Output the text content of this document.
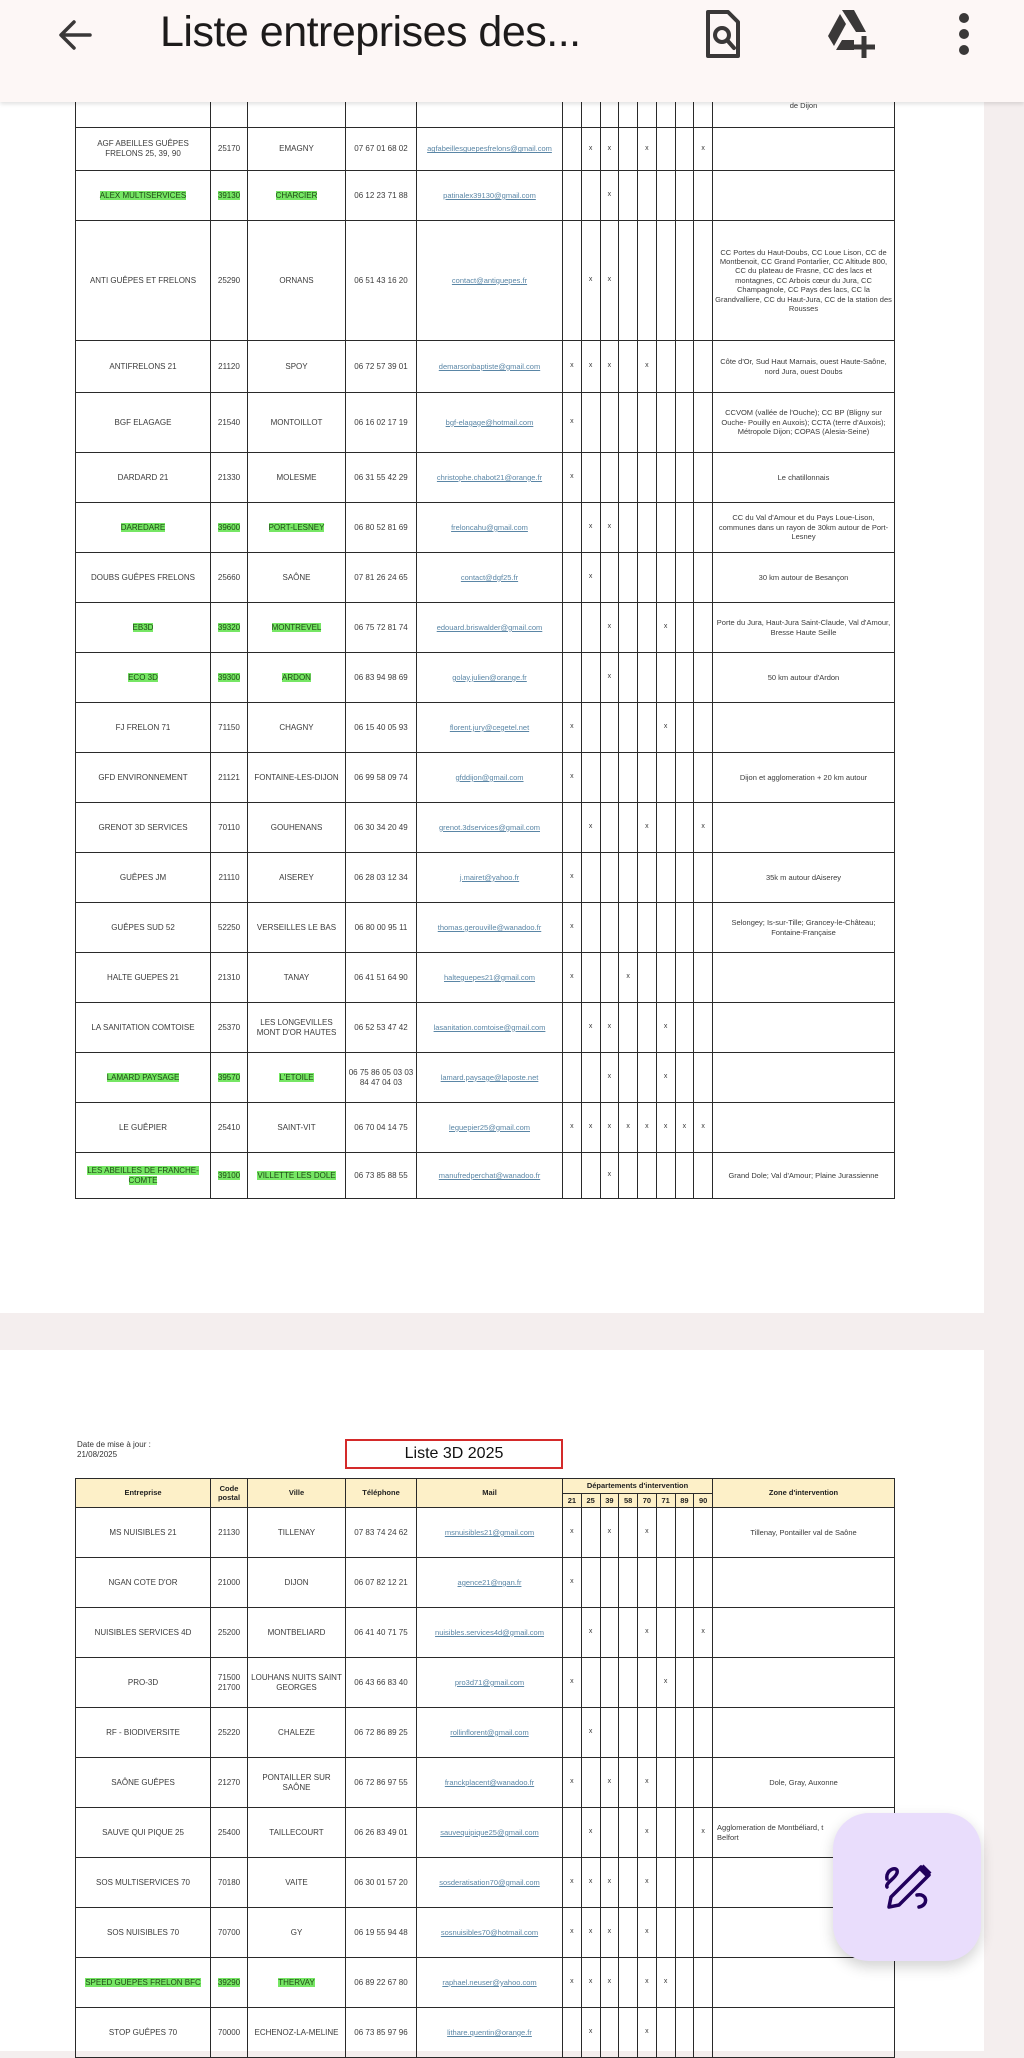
Liste entreprises des...
													de Dijon
AGF ABEILLES GUÊPES FRELONS 25, 39, 90	25170	EMAGNY	07 67 01 68 02	agfabeillesguepesfrelons@gmail.com		x	x		x			x	
ALEX MULTISERVICES	39130	CHARCIER	06 12 23 71 88	patinalex39130@gmail.com			x						
ANTI GUÊPES ET FRELONS	25290	ORNANS	06 51 43 16 20	contact@antiguepes.fr		x	x						CC Portes du Haut-Doubs, CC Loue Lison, CC de Montbenoit, CC Grand Pontarlier, CC Altitude 800, CC du plateau de Frasne, CC des lacs et montagnes, CC Arbois cœur du Jura, CC Champagnole, CC Pays des lacs, CC la Grandvalliere, CC du Haut-Jura, CC de la station des Rousses
ANTIFRELONS 21	21120	SPOY	06 72 57 39 01	demarsonbaptiste@gmail.com	x	x	x		x				Côte d'Or, Sud Haut Marnais, ouest Haute-Saône, nord Jura, ouest Doubs
BGF ELAGAGE	21540	MONTOILLOT	06 16 02 17 19	bgf-elagage@hotmail.com	x								CCVOM (vallée de l'Ouche); CC BP (Bligny sur Ouche- Pouilly en Auxois); CCTA (terre d'Auxois); Métropole Dijon; COPAS (Alesia-Seine)
DARDARD 21	21330	MOLESME	06 31 55 42 29	christophe.chabot21@orange.fr	x								Le chatillonnais
DAREDARE	39600	PORT-LESNEY	06 80 52 81 69	freloncahu@gmail.com		x	x						CC du Val d'Amour et du Pays Loue-Lison, communes dans un rayon de 30km autour de Port-Lesney
DOUBS GUÊPES FRELONS	25660	SAÔNE	07 81 26 24 65	contact@dgf25.fr		x							30 km autour de Besançon
EB3D	39320	MONTREVEL	06 75 72 81 74	edouard.briswalder@gmail.com			x			x			Porte du Jura, Haut-Jura Saint-Claude, Val d'Amour, Bresse Haute Seille
ECO 3D	39300	ARDON	06 83 94 98 69	golay.julien@orange.fr			x						50 km autour d'Ardon
FJ FRELON 71	71150	CHAGNY	06 15 40 05 93	florent.jury@cegetel.net	x					x			
GFD ENVIRONNEMENT	21121	FONTAINE-LES-DIJON	06 99 58 09 74	gfddijon@gmail.com	x								Dijon et agglomeration + 20 km autour
GRENOT 3D SERVICES	70110	GOUHENANS	06 30 34 20 49	grenot.3dservices@gmail.com		x			x			x	
GUÊPES JM	21110	AISEREY	06 28 03 12 34	j.mairet@yahoo.fr	x								35k m autour dAiserey
GUÊPES SUD 52	52250	VERSEILLES LE BAS	06 80 00 95 11	thomas.gerouville@wanadoo.fr	x								Selongey; Is-sur-Tille; Grancey-le-Château; Fontaine-Française
HALTE GUEPES 21	21310	TANAY	06 41 51 64 90	halteguepes21@gmail.com	x			x					
LA SANITATION COMTOISE	25370	LES LONGEVILLES MONT D'OR HAUTES	06 52 53 47 42	lasanitation.comtoise@gmail.com		x	x			x			
LAMARD PAYSAGE	39570	L'ETOILE	06 75 86 05 03 03 84 47 04 03	lamard.paysage@laposte.net			x			x			
LE GUÊPIER	25410	SAINT-VIT	06 70 04 14 75	leguepier25@gmail.com	x	x	x	x	x	x	x	x	
LES ABEILLES DE FRANCHE-COMTE	39100	VILLETTE LES DOLE	06 73 85 88 55	manufredperchat@wanadoo.fr			x						Grand Dole; Val d'Amour; Plaine Jurassienne
Date de mise à jour :
21/08/2025	Liste 3D 2025
Entreprise	Code postal	Ville	Téléphone	Mail	Départements d'intervention								Zone d'intervention
					21	25	39	58	70	71	89	90	
MS NUISIBLES 21	21130	TILLENAY	07 83 74 24 62	msnuisibles21@gmail.com	x		x		x				Tillenay, Pontailler val de Saône
NGAN COTE D'OR	21000	DIJON	06 07 82 12 21	agence21@ngan.fr	x								
NUISIBLES SERVICES 4D	25200	MONTBELIARD	06 41 40 71 75	nuisibles.services4d@gmail.com		x			x			x	
PRO-3D	71500 21700	LOUHANS NUITS SAINT GEORGES	06 43 66 83 40	pro3d71@gmail.com	x					x			
RF - BIODIVERSITE	25220	CHALEZE	06 72 86 89 25	rollinflorent@gmail.com		x							
SAÔNE GUÊPES	21270	PONTAILLER SUR SAÔNE	06 72 86 97 55	franckplacent@wanadoo.fr	x		x		x				Dole, Gray, Auxonne
SAUVE QUI PIQUE 25	25400	TAILLECOURT	06 26 83 49 01	sauvequipique25@gmail.com		x			x			x	Agglomeration de Montbéliard, t Belfort
SOS MULTISERVICES 70	70180	VAITE	06 30 01 57 20	sosderatisation70@gmail.com	x	x	x		x				
SOS NUISIBLES 70	70700	GY	06 19 55 94 48	sosnuisibles70@hotmail.com	x	x	x		x				
SPEED GUEPES FRELON BFC	39290	THERVAY	06 89 22 67 80	raphael.neuser@yahoo.com	x	x	x		x	x			
STOP GUÊPES 70	70000	ECHENOZ-LA-MELINE	06 73 85 97 96	lithare.quentin@orange.fr		x			x				
